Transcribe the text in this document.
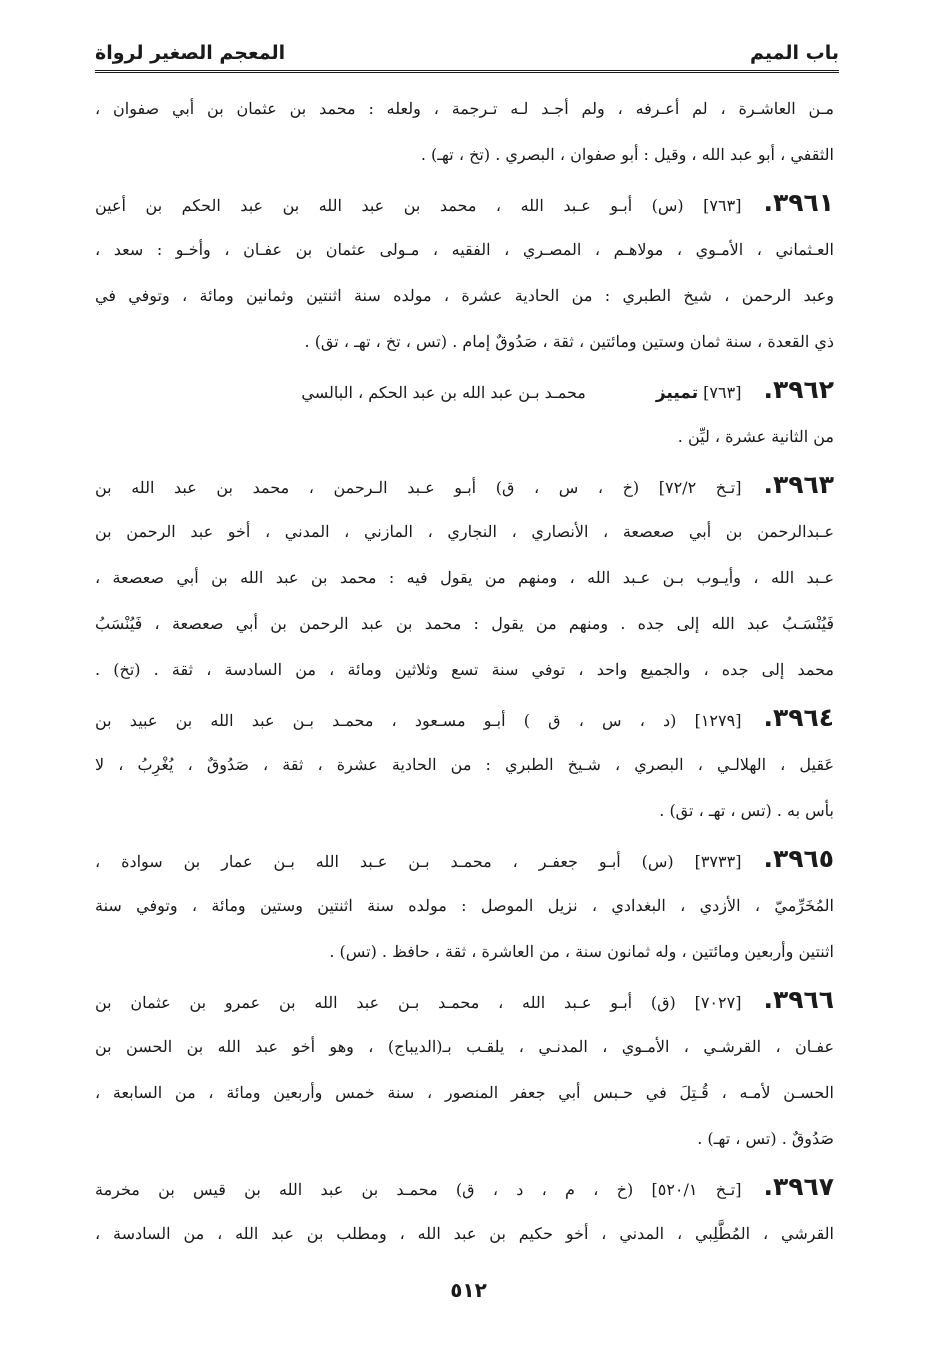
باب الميم
المعجم الصغير لرواة
مـن العاشـرة ، لم أعـرفه ، ولم أجـد لـه تـرجمة ، ولعله : محمد بن عثمان بن أبي صفوان ،
الثقفي ، أبو عبد الله ، وقيل : أبو صفوان ، البصري . (تخ ، تهـ) .
٣٩٦١.[٧٦٣] (س) أبـو عـبد الله ، محمد بن عبد الله بن عبد الحكم بن أعين
العـثماني ، الأمـوي ، مولاهـم ، المصـري ، الفقيه ، مـولى عثمان بن عفـان ، وأخـو : سعد ،
وعبد الرحمن ، شيخ الطبري : من الحادية عشرة ، مولده سنة اثنتين وثمانين ومائة ، وتوفي في
ذي القعدة ، سنة ثمان وستين ومائتين ، ثقة ، صَدُوقٌ إمام . (تس ، تخ ، تهـ ، تق) .
٣٩٦٢.[٧٦٣] تمييزمحمـد بـن عبد الله بن عبد الحكم ، البالسي
من الثانية عشرة ، ليِّن .
٣٩٦٣.[تـخ ٧٢/٢] (خ ، س ، ق) أبـو عـبد الـرحمن ، محمد بن عبد الله بن
عـبدالرحمن بن أبي صعصعة ، الأنصاري ، النجاري ، المازني ، المدني ، أخو عبد الرحمن بن
عـبد الله ، وأيـوب بـن عـبد الله ، ومنهم من يقول فيه : محمد بن عبد الله بن أبي صعصعة ،
فَيُنْسَـبُ عبد الله إلى جده . ومنهم من يقول : محمد بن عبد الرحمن بن أبي صعصعة ، فَيُنْسَبُ
محمد إلى جده ، والجميع واحد ، توفي سنة تسع وثلاثين ومائة ، من السادسة ، ثقة . (تخ) .
٣٩٦٤.[١٢٧٩] (د ، س ، ق ) أبـو مسـعود ، محمـد بـن عبد الله بن عبيد بن
عَقيل ، الهلالـي ، البصري ، شـيخ الطبري : من الحادية عشرة ، ثقة ، صَدُوقٌ ، يُغْرِبُ ، لا
بأس به . (تس ، تهـ ، تق) .
٣٩٦٥.[٣٧٣٣] (س) أبـو جعفـر ، محمـد بـن عـبد الله بـن عمار بن سوادة ،
المُخَرِّميّ ، الأزدي ، البغدادي ، نزيل الموصل : مولده سنة اثنتين وستين ومائة ، وتوفي سنة
اثنتين وأربعين ومائتين ، وله ثمانون سنة ، من العاشرة ، ثقة ، حافظ . (تس) .
٣٩٦٦.[٧٠٢٧] (ق) أبـو عـبد الله ، محمـد بـن عبد الله بن عمرو بن عثمان بن
عفـان ، القرشـي ، الأمـوي ، المدنـي ، يلقـب بـ(الديباج) ، وهو أخو عبد الله بن الحسن بن
الحسـن لأمـه ، قُـتِلَ في حـبس أبي جعفر المنصور ، سنة خمس وأربعين ومائة ، من السابعة ،
صَدُوقٌ . (تس ، تهـ) .
٣٩٦٧.[تـخ ٥٢٠/١] (خ ، م ، د ، ق) محمـد بن عبد الله بن قيس بن مخرمة
القرشي ، المُطَّلِبي ، المدني ، أخو حكيم بن عبد الله ، ومطلب بن عبد الله ، من السادسة ،
٥١٢
